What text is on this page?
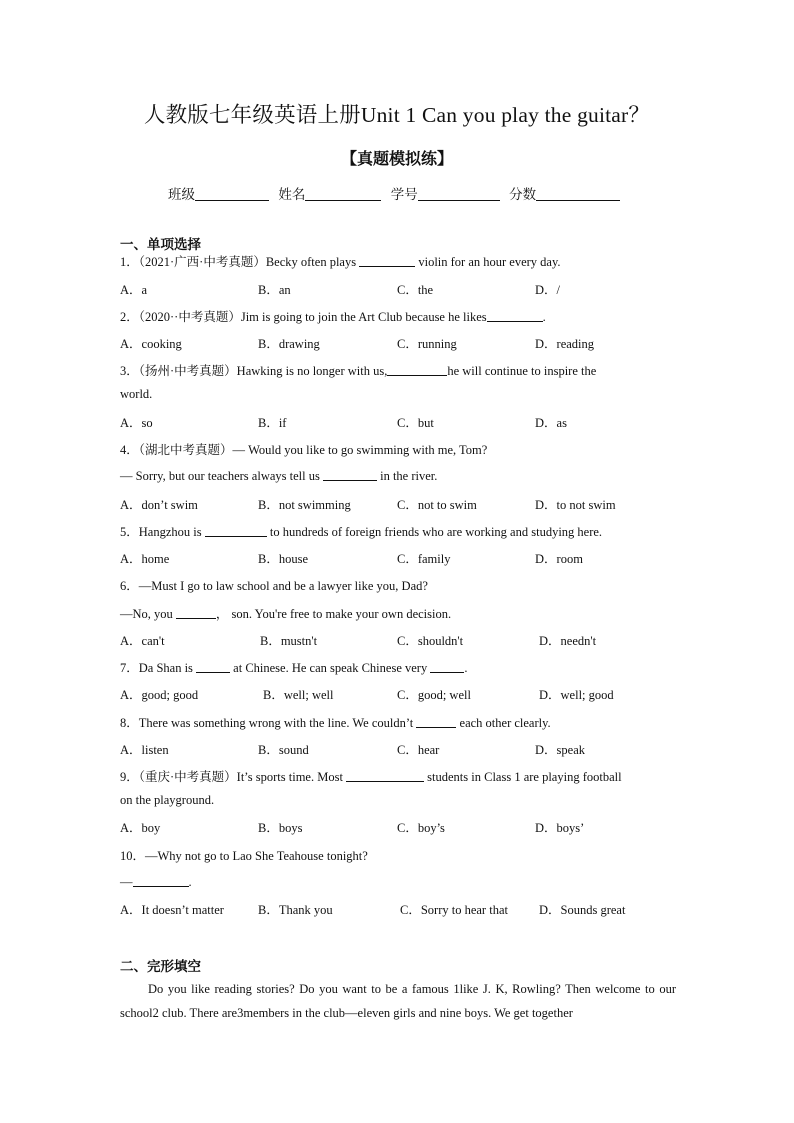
人教版七年级英语上册Unit 1 Can you play the guitar？
【真题模拟练】
班级	姓名	学号	分数
一、单项选择
1．（2021·广西·中考真题）Becky often plays	violin for an hour every day.
A．a	B．an	C．the	D．/
2．（2020··中考真题）Jim is going to join the Art Club because he likes	.
A．cooking	B．drawing	C．running	D．reading
3．（扬州·中考真题）Hawking is no longer with us,	he will continue to inspire the
world.
A．so	B．if	C．but	D．as
4．（湖北中考真题）— Would you like to go swimming with me, Tom?
— Sorry, but our teachers always tell us	in the river.
A．don’t swim	B．not swimming	C．not to swim	D．to not swim
5．Hangzhou is	to hundreds of foreign friends who are working and studying here.
A．home	B．house	C．family	D．room
6．—Must I go to law school and be a lawyer like you, Dad?
—No, you	， son. You're free to make your own decision.
A．can't	B．mustn't	C．shouldn't	D．needn't
7．Da Shan is	at Chinese. He can speak Chinese very	.
A．good; good	B．well; well	C．good; well	D．well; good
8．There was something wrong with the line. We couldn’t	each other clearly.
A．listen	B．sound	C．hear	D．speak
9．（重庆·中考真题）It’s sports time. Most	students in Class 1 are playing football
on the playground.
A．boy	B．boys	C．boy’s	D．boys’
10．—Why not go to Lao She Teahouse tonight?
—	.
A．It doesn’t matter	B．Thank you	C．Sorry to hear that D．Sounds great
二、完形填空
Do you like reading stories? Do you want to be a famous 1like J. K, Rowling? Then welcome to our school2 club. There are3members in the club—eleven girls and nine boys. We get together
